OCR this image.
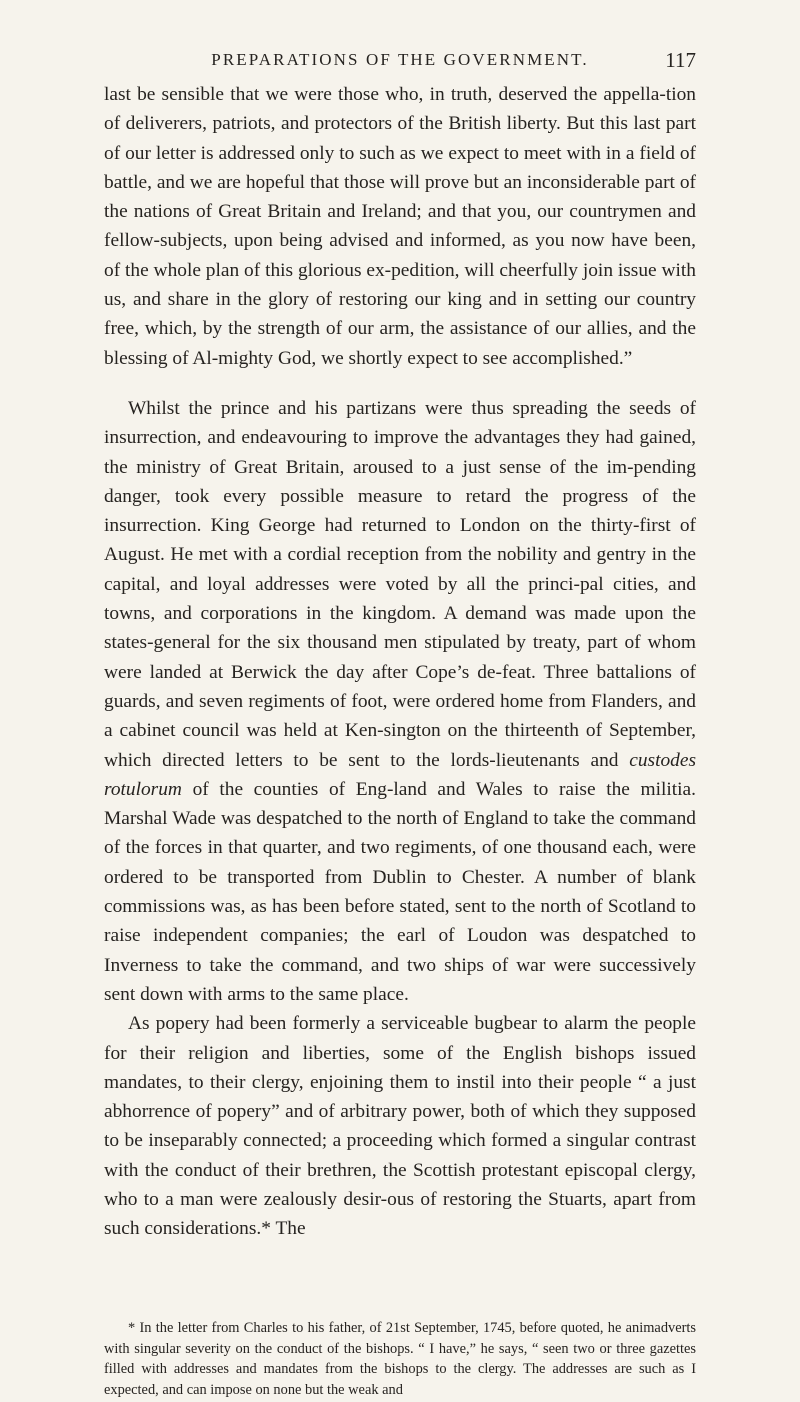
PREPARATIONS OF THE GOVERNMENT.	117

last be sensible that we were those who, in truth, deserved the appella-tion of deliverers, patriots, and protectors of the British liberty. But this last part of our letter is addressed only to such as we expect to meet with in a field of battle, and we are hopeful that those will prove but an inconsiderable part of the nations of Great Britain and Ireland; and that you, our countrymen and fellow-subjects, upon being advised and informed, as you now have been, of the whole plan of this glorious ex-pedition, will cheerfully join issue with us, and share in the glory of restoring our king and in setting our country free, which, by the strength of our arm, the assistance of our allies, and the blessing of Al-mighty God, we shortly expect to see accomplished.”

Whilst the prince and his partizans were thus spreading the seeds of insurrection, and endeavouring to improve the advantages they had gained, the ministry of Great Britain, aroused to a just sense of the im-pending danger, took every possible measure to retard the progress of the insurrection. King George had returned to London on the thirty-first of August. He met with a cordial reception from the nobility and gentry in the capital, and loyal addresses were voted by all the princi-pal cities, and towns, and corporations in the kingdom. A demand was made upon the states-general for the six thousand men stipulated by treaty, part of whom were landed at Berwick the day after Cope’s de-feat. Three battalions of guards, and seven regiments of foot, were ordered home from Flanders, and a cabinet council was held at Ken-sington on the thirteenth of September, which directed letters to be sent to the lords-lieutenants and custodes rotulorum of the counties of Eng-land and Wales to raise the militia. Marshal Wade was despatched to the north of England to take the command of the forces in that quarter, and two regiments, of one thousand each, were ordered to be transported from Dublin to Chester. A number of blank commissions was, as has been before stated, sent to the north of Scotland to raise independent companies; the earl of Loudon was despatched to Inverness to take the command, and two ships of war were successively sent down with arms to the same place.

As popery had been formerly a serviceable bugbear to alarm the people for their religion and liberties, some of the English bishops issued mandates, to their clergy, enjoining them to instil into their people “ a just abhorrence of popery” and of arbitrary power, both of which they supposed to be inseparably connected; a proceeding which formed a singular contrast with the conduct of their brethren, the Scottish protestant episcopal clergy, who to a man were zealously desir-ous of restoring the Stuarts, apart from such considerations.* The

* In the letter from Charles to his father, of 21st September, 1745, before quoted, he animadverts with singular severity on the conduct of the bishops. “ I have,” he says, “ seen two or three gazettes filled with addresses and mandates from the bishops to the clergy. The addresses are such as I expected, and can impose on none but the weak and
